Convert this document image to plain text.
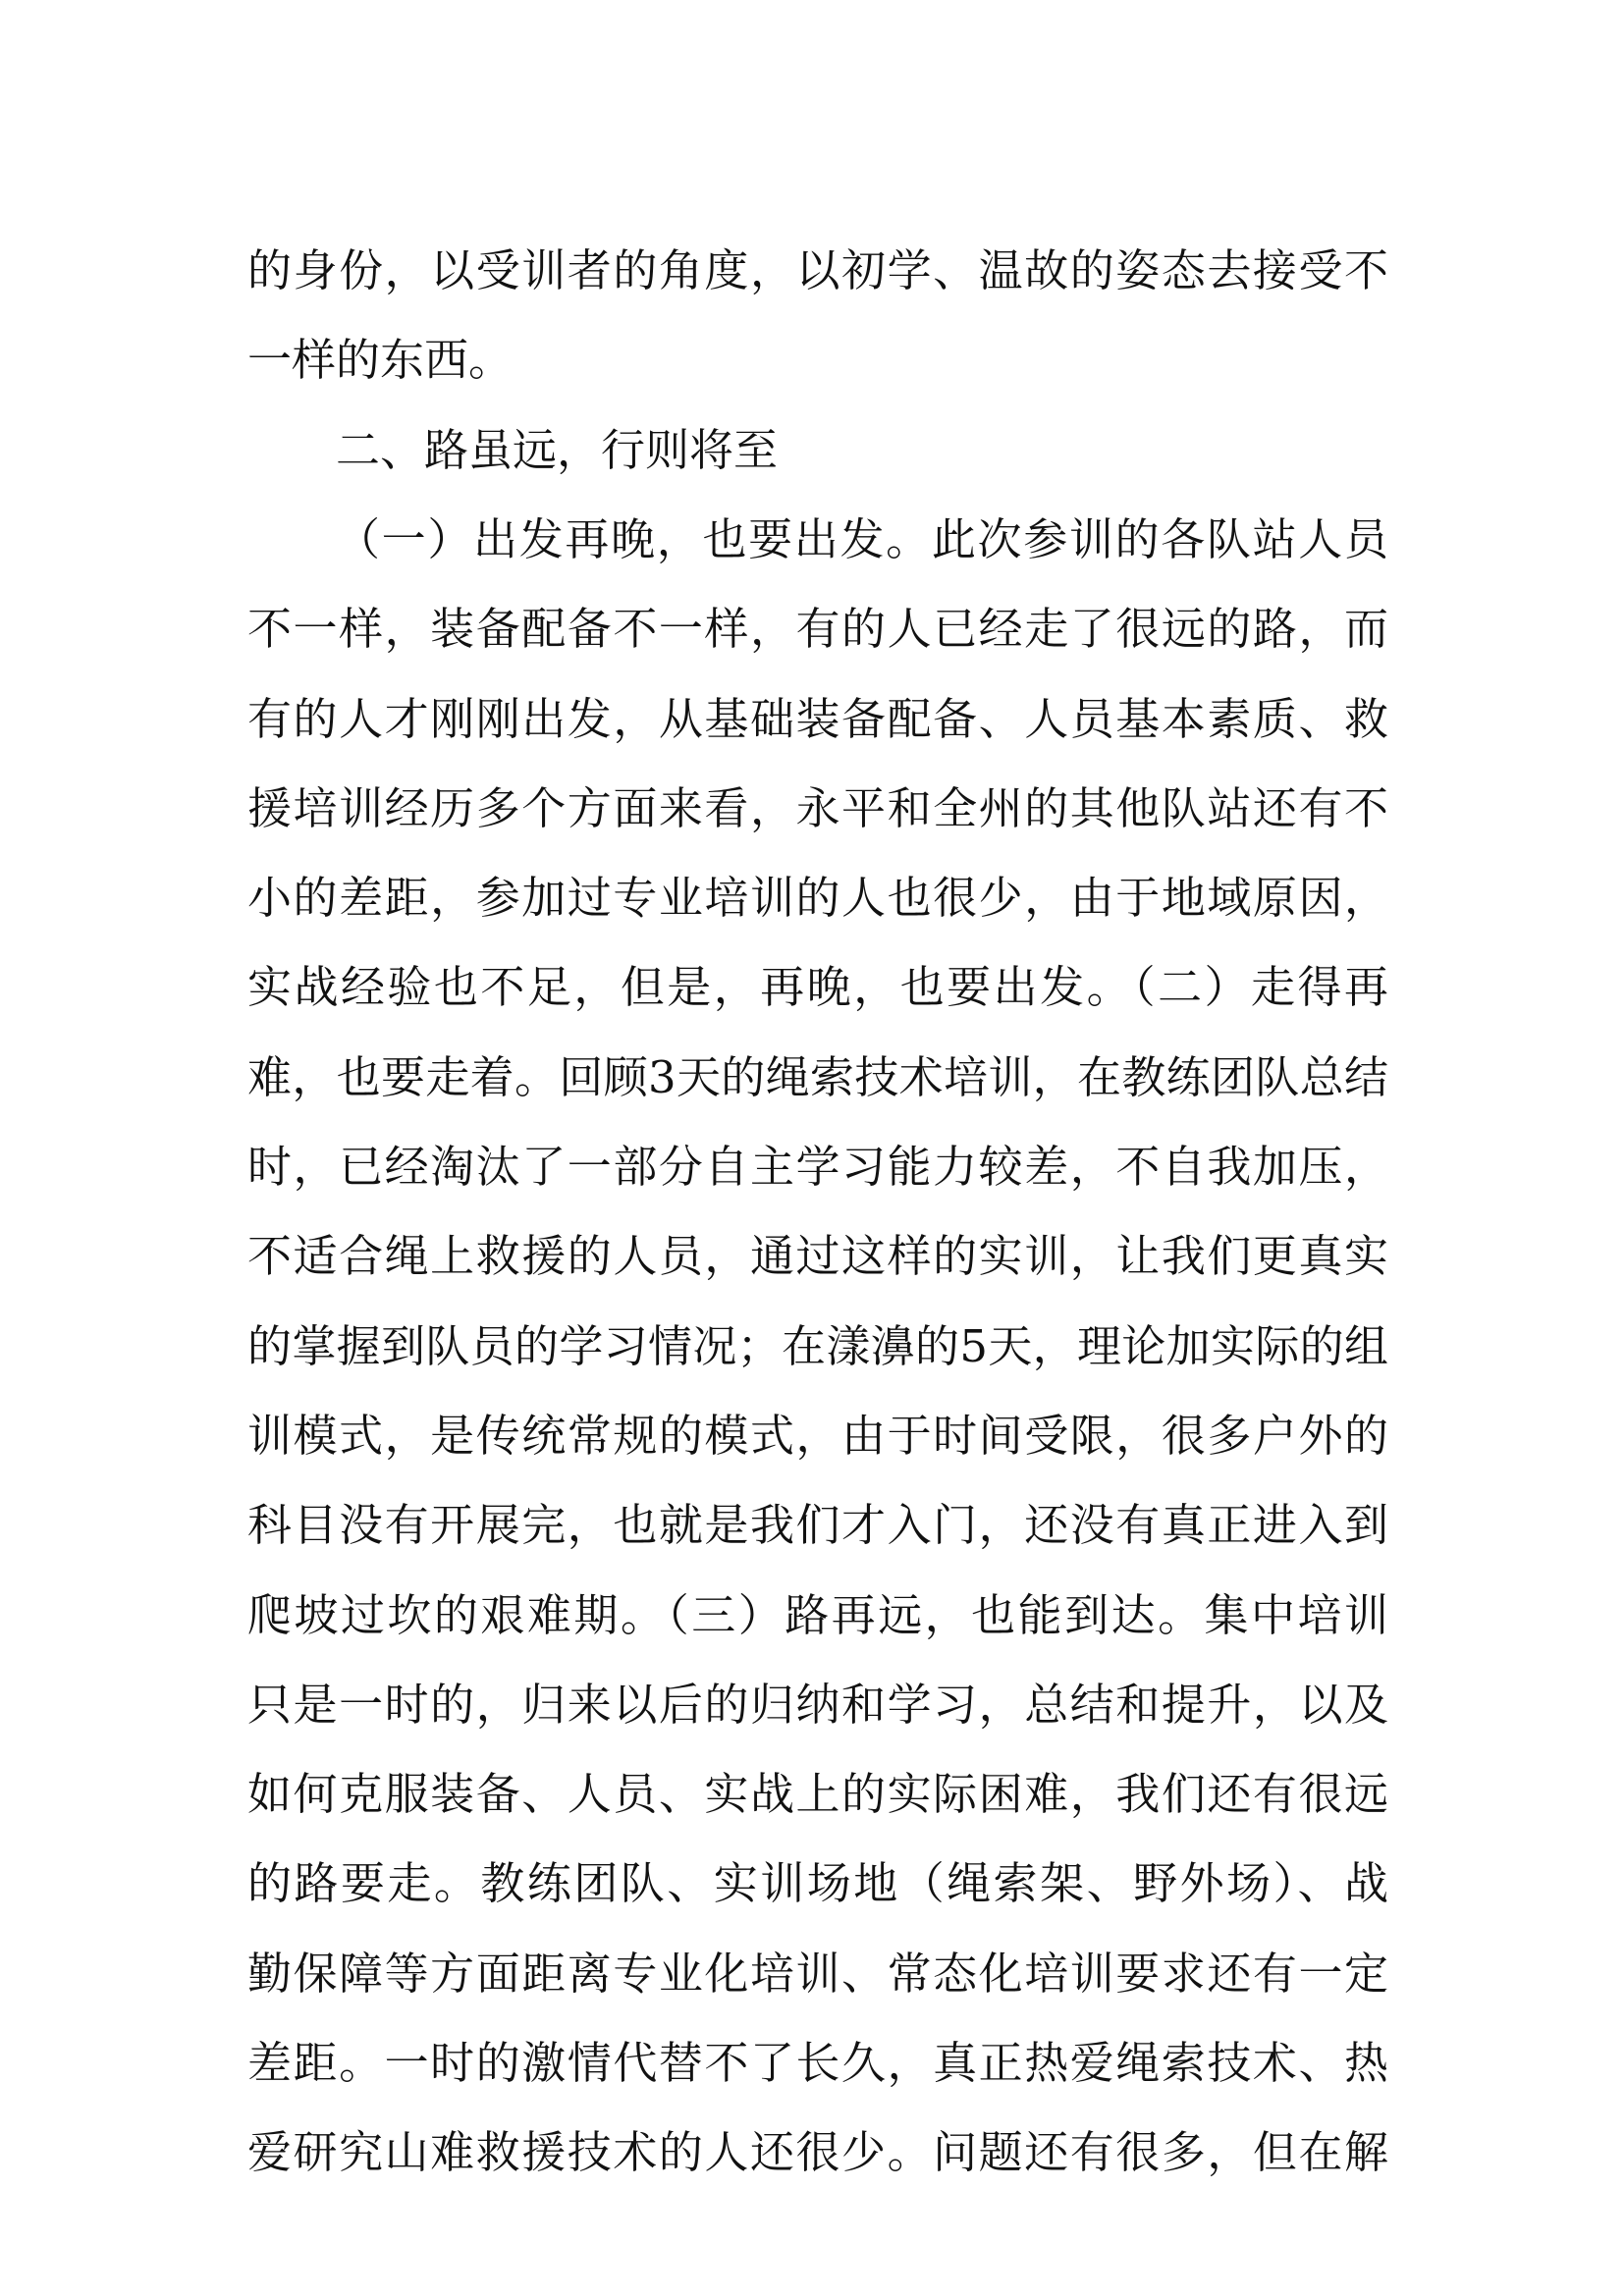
的身份，以受训者的角度，以初学、温故的姿态去接受不
一样的东西。
二、路虽远，行则将至
（一）出发再晚，也要出发。此次参训的各队站人员
不一样，装备配备不一样，有的人已经走了很远的路，而
有的人才刚刚出发，从基础装备配备、人员基本素质、救
援培训经历多个方面来看，永平和全州的其他队站还有不
小的差距，参加过专业培训的人也很少，由于地域原因，
实战经验也不足，但是，再晚，也要出发。（二）走得再
难，也要走着。回顾3天的绳索技术培训，在教练团队总结
时，已经淘汰了一部分自主学习能力较差，不自我加压，
不适合绳上救援的人员，通过这样的实训，让我们更真实
的掌握到队员的学习情况；在漾濞的5天，理论加实际的组
训模式，是传统常规的模式，由于时间受限，很多户外的
科目没有开展完，也就是我们才入门，还没有真正进入到
爬坡过坎的艰难期。（三）路再远，也能到达。集中培训
只是一时的，归来以后的归纳和学习，总结和提升，以及
如何克服装备、人员、实战上的实际困难，我们还有很远
的路要走。教练团队、实训场地（绳索架、野外场）、战
勤保障等方面距离专业化培训、常态化培训要求还有一定
差距。一时的激情代替不了长久，真正热爱绳索技术、热
爱研究山难救援技术的人还很少。问题还有很多，但在解
